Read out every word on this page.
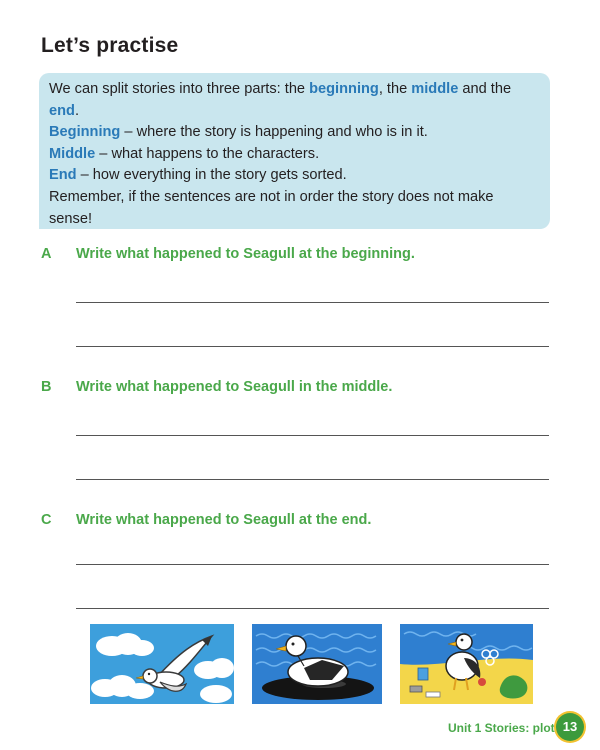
Let’s practise

We can split stories into three parts: the beginning, the middle and the end.

Beginning – where the story is happening and who is in it.

Middle – what happens to the characters.

End – how everything in the story gets sorted.

Remember, if the sentences are not in order the story does not make sense!

A Write what happened to Seagull at the beginning.
B Write what happened to Seagull in the middle.
C Write what happened to Seagull at the end.
Unit 1 Stories: plot 13
